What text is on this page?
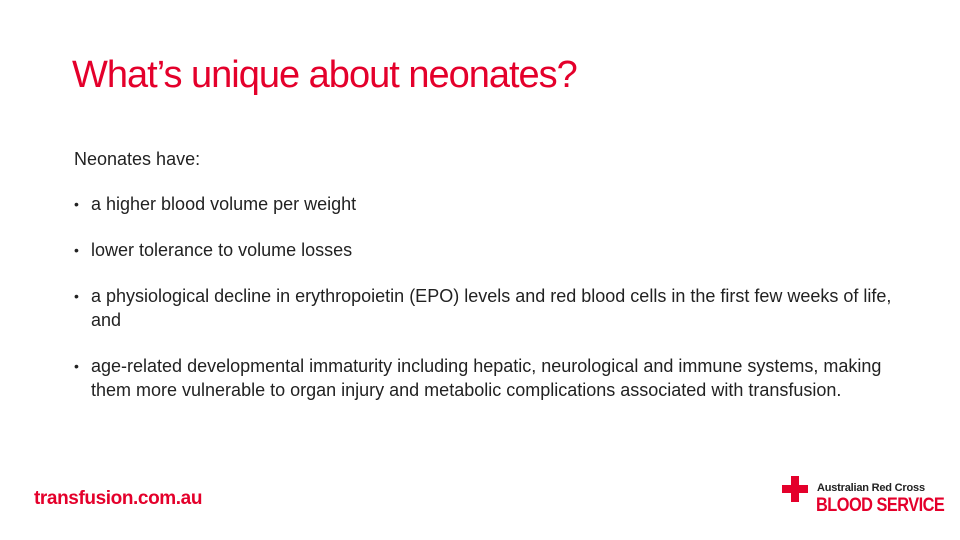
What’s unique about neonates?
Neonates have:
• a higher blood volume per weight
• lower tolerance to volume losses
• a physiological decline in erythropoietin (EPO) levels and red blood cells in the first few weeks of life, and
• age-related developmental immaturity including hepatic, neurological and immune systems, making them more vulnerable to organ injury and metabolic complications associated with transfusion.
transfusion.com.au	Australian Red Cross
BLOOD SERVICE
